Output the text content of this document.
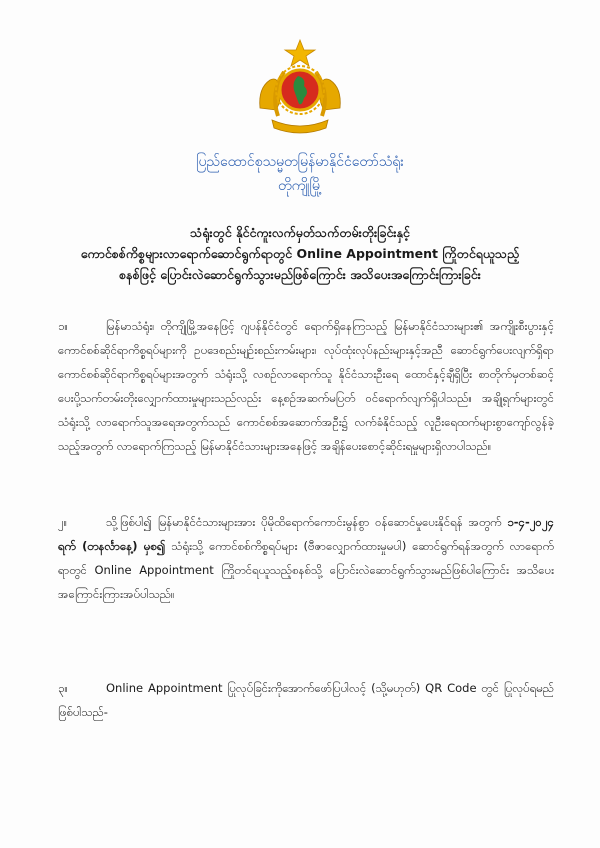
ပြည်ထောင်စုသမ္မတမြန်မာနိုင်ငံတော်သံရုံး
တိုကျိုမြို့
သံရုံးတွင် နိုင်ငံကူးလက်မှတ်သက်တမ်းတိုးခြင်းနှင့်
ကောင်စစ်ကိစ္စများလာရောက်ဆောင်ရွက်ရာတွင် Online Appointment ကြိုတင်ရယူသည့်
စနစ်ဖြင့် ပြောင်းလဲဆောင်ရွက်သွားမည်ဖြစ်ကြောင်း အသိပေးအကြောင်းကြားခြင်း
၁။	မြန်မာသံရုံး၊ တိုကျိုမြို့အနေဖြင့် ဂျပန်နိုင်ငံတွင် ရောက်ရှိနေကြသည့် မြန်မာနိုင်ငံသားများ၏ အကျိုးစီးပွားနှင့် ကောင်စစ်ဆိုင်ရာကိစ္စရပ်များကို ဥပဒေစည်းမျဉ်းစည်းကမ်းများ၊ လုပ်ထုံးလုပ်နည်းများနှင့်အညီ ဆောင်ရွက်ပေးလျက်ရှိရာ ကောင်စစ်ဆိုင်ရာကိစ္စရပ်များအတွက် သံရုံးသို့ လစဉ်လာရောက်သူ နိုင်ငံသားဦးရေ ထောင်နှင့်ချီရှိပြီး စာတိုက်မှတစ်ဆင့် ပေးပို့သက်တမ်းတိုးလျှောက်ထားမှုများသည်လည်း နေ့စဉ်အဆက်မပြတ် ဝင်ရောက်လျက်ရှိပါသည်။ အချို့ရက်များတွင် သံရုံးသို့ လာရောက်သူအရေအတွက်သည် ကောင်စစ်အဆောက်အဦး၌ လက်ခံနိုင်သည့် လူဦးရေထက်များစွာကျော်လွန်ခဲ့သည့်အတွက် လာရောက်ကြသည့် မြန်မာနိုင်ငံသားများအနေဖြင့် အချိန်ပေးစောင့်ဆိုင်းရမှုများရှိလာပါသည်။
၂။	သို့ဖြစ်ပါ၍ မြန်မာနိုင်ငံသားများအား ပိုမိုထိရောက်ကောင်းမွန်စွာ ဝန်ဆောင်မှုပေးနိုင်ရန် အတွက် ၁-၄-၂၀၂၄ ရက် (တနင်္လာနေ့) မှစ၍ သံရုံးသို့ ကောင်စစ်ကိစ္စရပ်များ (ဗီဇာလျှောက်ထားမှုမပါ) ဆောင်ရွက်ရန်အတွက် လာရောက်ရာတွင် Online Appointment ကြိုတင်ရယူသည့်စနစ်သို့ ပြောင်းလဲဆောင်ရွက်သွားမည်ဖြစ်ပါကြောင်း အသိပေးအကြောင်းကြားအပ်ပါသည်။
၃။	Online Appointment ပြုလုပ်ခြင်းကိုအောက်ဖော်ပြပါလင့် (သို့မဟုတ်) QR Code တွင် ပြုလုပ်ရမည်ဖြစ်ပါသည်-
